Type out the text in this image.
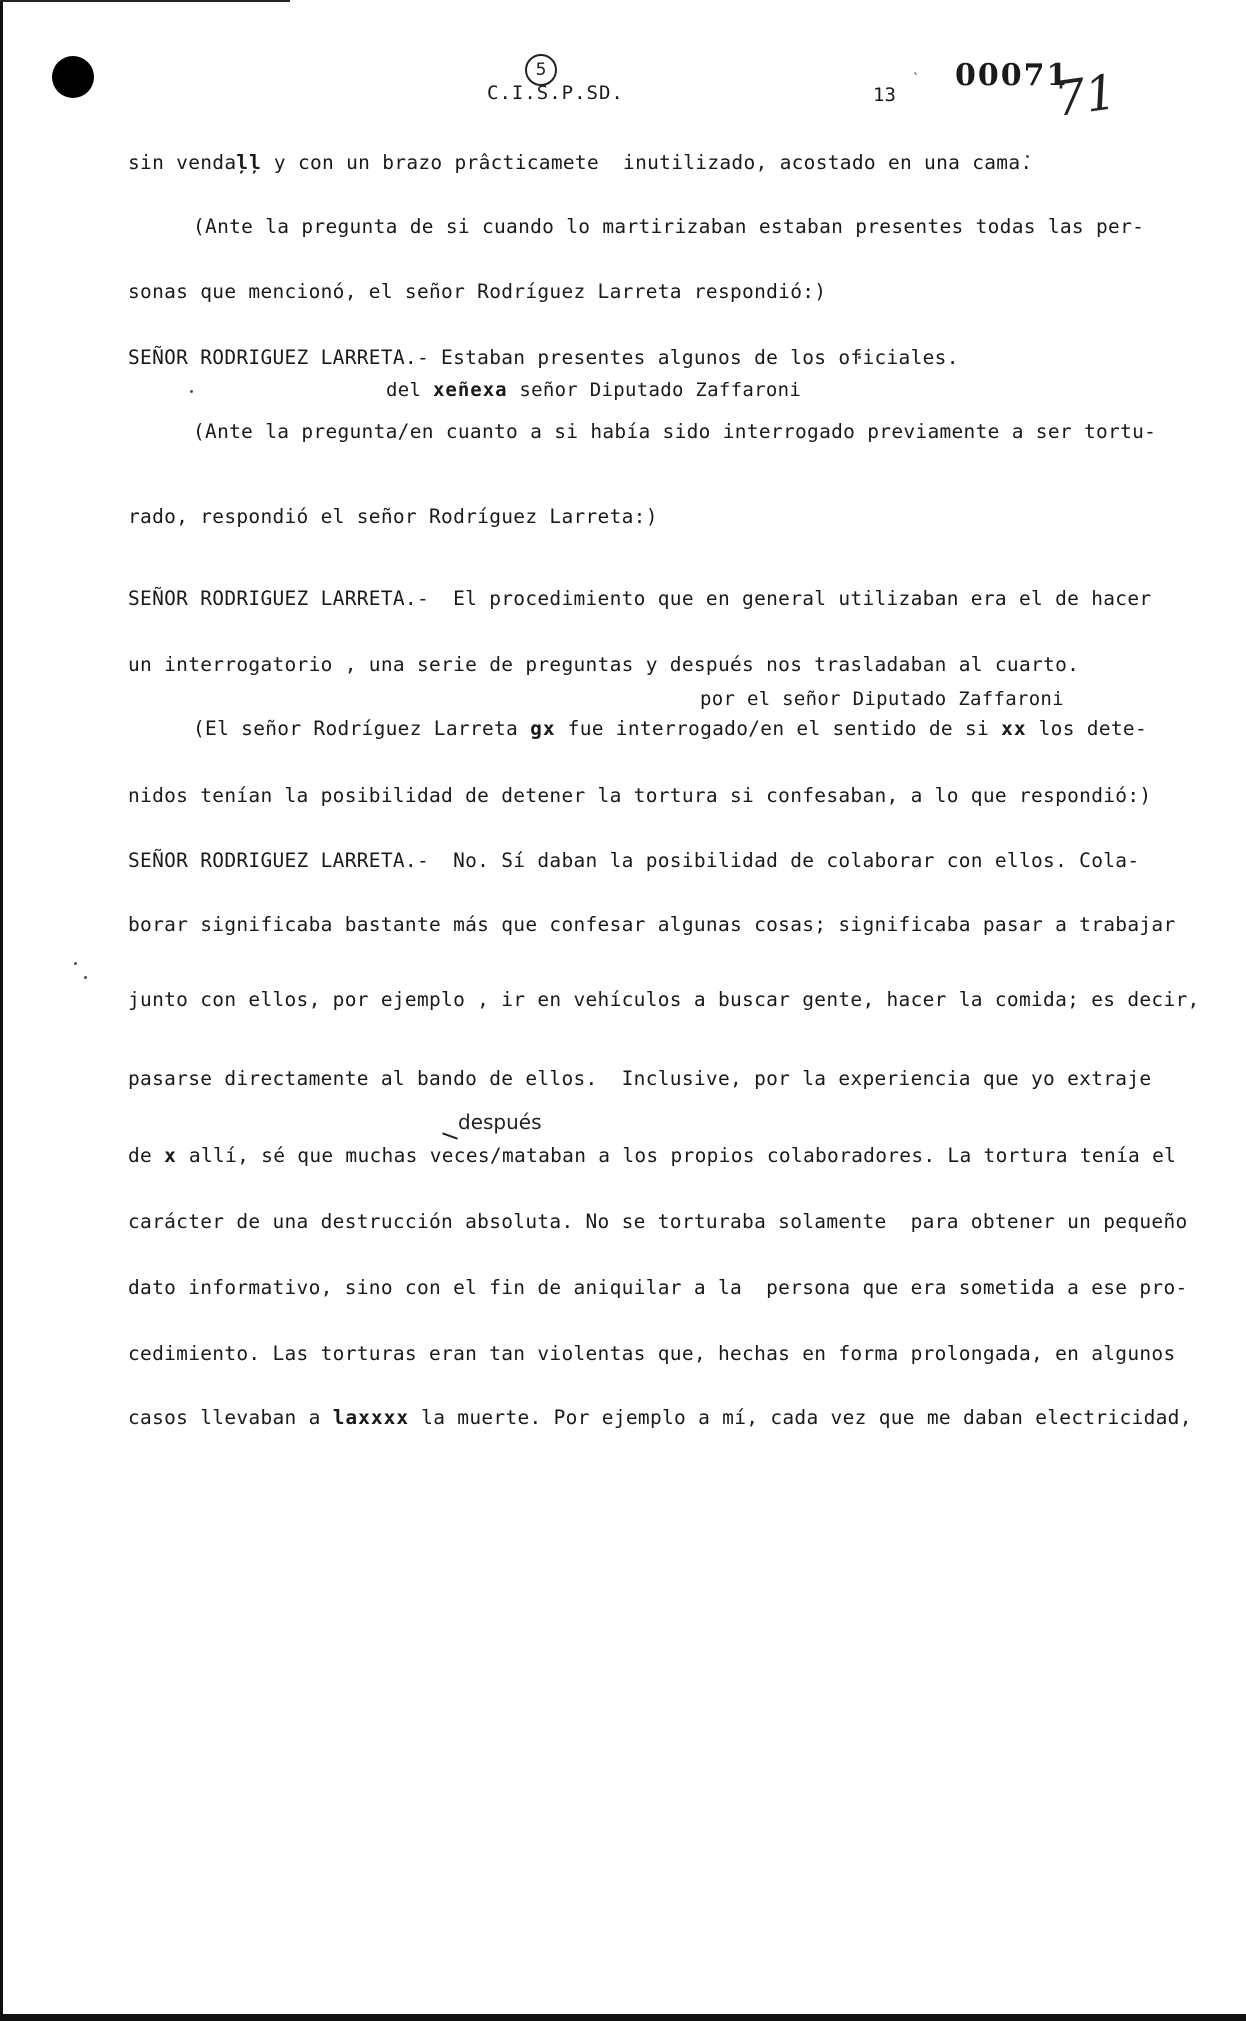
5
C.I.S.P.SD.	13
` 00071
71
sin vendaļļ y con un brazo prâcticamete  inutilizado, acostado en una cama.
(Ante la pregunta de si cuando lo martirizaban estaban presentes todas las per-
sonas que mencionó, el señor Rodríguez Larreta respondió:)
SEÑOR RODRIGUEZ LARRETA.- Estaban presentes algunos de los oficiales.
del xeñexa señor Diputado Zaffaroni
(Ante la pregunta/en cuanto a si había sido interrogado previamente a ser tortu-
rado, respondió el señor Rodríguez Larreta:)
SEÑOR RODRIGUEZ LARRETA.-  El procedimiento que en general utilizaban era el de hacer
un interrogatorio , una serie de preguntas y después nos trasladaban al cuarto.
por el señor Diputado Zaffaroni
(El señor Rodríguez Larreta gx fue interrogado/en el sentido de si xx los dete-
nidos tenían la posibilidad de detener la tortura si confesaban, a lo que respondió:)
SEÑOR RODRIGUEZ LARRETA.-  No. Sí daban la posibilidad de colaborar con ellos. Cola-
borar significaba bastante más que confesar algunas cosas; significaba pasar a trabajar
junto con ellos, por ejemplo , ir en vehículos a buscar gente, hacer la comida; es decir,
pasarse directamente al bando de ellos.  Inclusive, por la experiencia que yo extraje
después
de x allí, sé que muchas veces/mataban a los propios colaboradores. La tortura tenía el
carácter de una destrucción absoluta. No se torturaba solamente  para obtener un pequeño
dato informativo, sino con el fin de aniquilar a la  persona que era sometida a ese pro-
cedimiento. Las torturas eran tan violentas que, hechas en forma prolongada, en algunos
casos llevaban a laxxxx la muerte. Por ejemplo a mí, cada vez que me daban electricidad,
